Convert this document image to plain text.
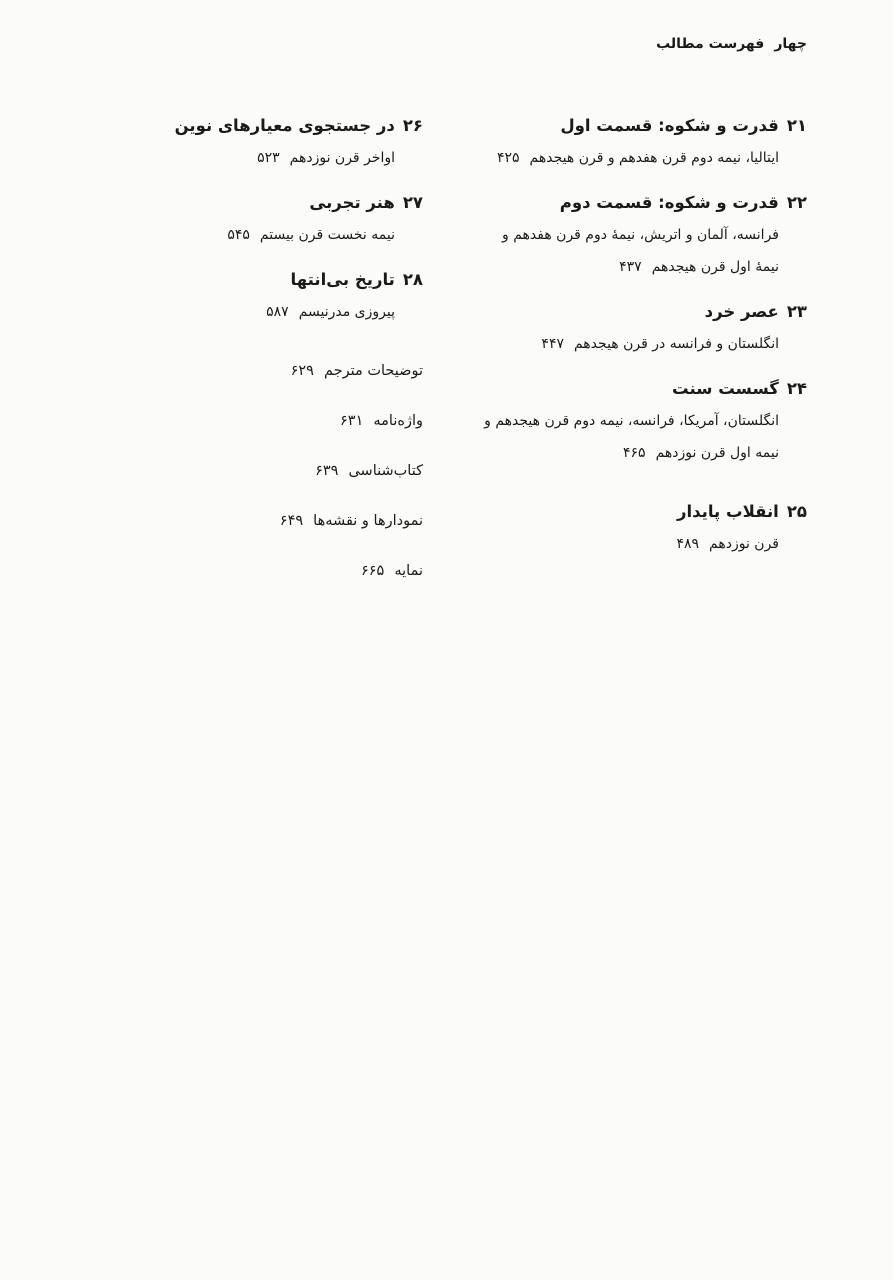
چهارفهرست مطالب
۲۱قدرت و شکوه: قسمت اول
ایتالیا، نیمه دوم قرن هفدهم و قرن هیجدهم۴۲۵
۲۲قدرت و شکوه: قسمت دوم
فرانسه، آلمان و اتریش، نیمهٔ دوم قرن هفدهم و
نیمهٔ اول قرن هیجدهم۴۳۷
۲۳عصر خرد
انگلستان و فرانسه در قرن هیجدهم۴۴۷
۲۴گسست سنت
انگلستان، آمریکا، فرانسه، نیمه دوم قرن هیجدهم و
نیمه اول قرن نوزدهم۴۶۵
۲۵انقلاب پایدار
قرن نوزدهم۴۸۹
۲۶در جستجوی معیارهای نوین
اواخر قرن نوزدهم۵۲۳
۲۷هنر تجربی
نیمه نخست قرن بیستم۵۴۵
۲۸تاریخ بی‌انتها
پیروزی مدرنیسم۵۸۷
توضیحات مترجم۶۲۹
واژه‌نامه۶۳۱
کتاب‌شناسی۶۳۹
نمودارها و نقشه‌ها۶۴۹
نمایه۶۶۵
